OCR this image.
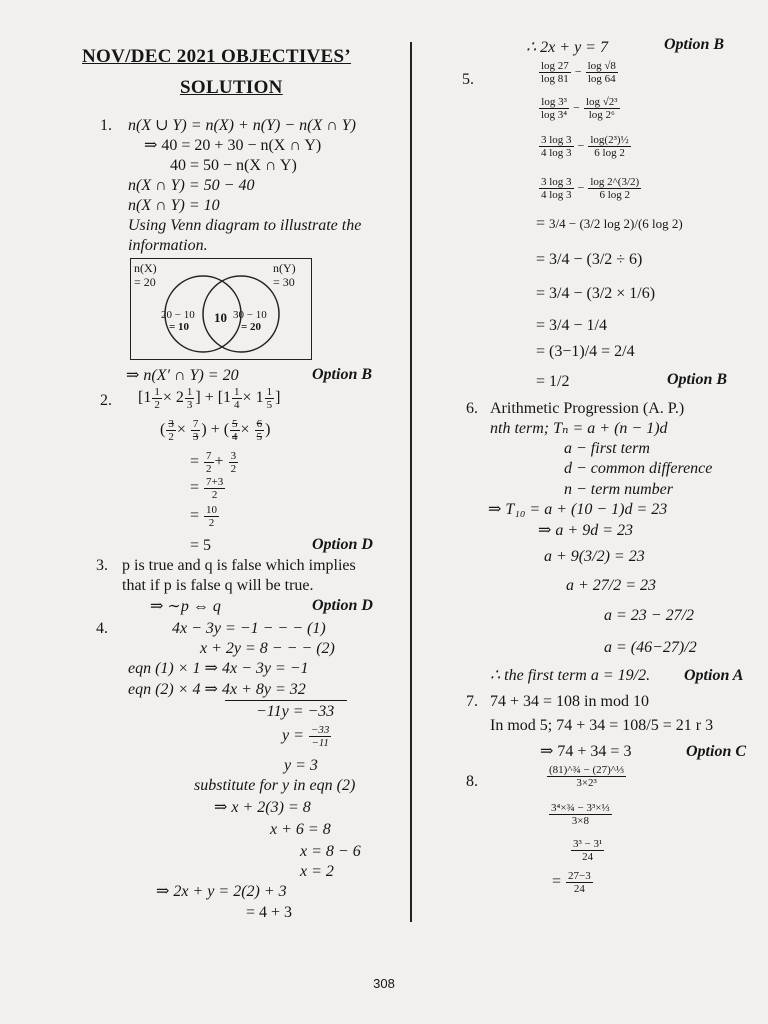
NOV/DEC 2021 OBJECTIVES’
SOLUTION
1. n(X ∪ Y) = n(X) + n(Y) − n(X ∩ Y)
⇒ 40 = 20 + 30 − n(X ∩ Y)
40 = 50 − n(X ∩ Y)
n(X ∩ Y) = 50 − 40
n(X ∩ Y) = 10
Using Venn diagram to illustrate the
information.
n(X)
= 20
n(Y)
= 30
20 − 10
= 10
10 30 − 10
= 20
⇒ n(X′ ∩ Y) = 20	Option B
2. [$1 \frac{1}{2} \times 2 \frac{1}{3}$ ] + [$1 \frac{1}{4} \times 1 \frac{1}{5}$ ]
( $\frac{3}{2} \times \frac{7}{3}$ ) + ( $\frac{5}{4} \times \frac{6}{5}$ )
= $\frac{7}{2} + \frac{3}{2}$
= $\frac{7+3}{2}$
= $\frac{10}{2}$
= 5	Option D
3. p is true and q is false which implies
that if p is false q will be true.
⇒ ∼p ⇔ q	Option D
4.	4x − 3y = −1 − − − (1)
x + 2y = 8 − − − (2)
eqn (1) × 1 ⇒ 4x − 3y = −1
eqn (2) × 4 ⇒ 4x + 8y = 32
−11y = −33
$y = \frac{-33}{-11}$
y = 3
substitute for y in eqn (2)
⇒ x + 2(3) = 8
x + 6 = 8
x = 8 − 6
x = 2
⇒ 2x + y = 2(2) + 3
= 4 + 3
∴ 2x + y = 7	Option B
5.	$\frac{\log 27}{\log 81} - \frac{\log √8}{\log 64}$
$\frac{\text{log 3³}}{\text{log 3⁴}} - \frac{\text{log √2³}}{\text{log 2⁶}}$
$\frac{3 \log 3}{4 \log 3} - \frac{\text{log(2³)½}}{6 \log 2}$
$\frac{3 \log 3}{4 \log 3} - \frac{\log 2\^{}(3/2)}{6 \log 2}$
= 3/4 − (3/2 log 2)/(6 log 2)
= 3/4 − (3/2 ÷ 6)
= 3/4 − (3/2 × 1/6)
= 3/4 − 1/4
= (3−1)/4 = 2/4
= 1/2	Option B
6. Arithmetic Progression (A. P.)
nth term; Tₙ = a + (n − 1)d
a − first term
d − common difference
n − term number
⇒ T₁₀ = a + (10 − 1)d = 23
⇒ a + 9d = 23
a + 9(3/2) = 23
a + 27/2 = 23
a = 23 − 27/2
a = (46−27)/2
∴ the first term a = 19/2. Option A
7. 74 + 34 = 108 in mod 10
In mod 5; 74 + 34 = 108/5 = 21 r 3
⇒ 74 + 34 = 3	Option C
8.	$\frac{\text{(81)\textasciicircum{}¾ − (27)\textasciicircum{}⅓}}{\text{3×2³}}$
$\frac{\text{3⁴×¾ − 3³×⅓}}{3\times 8}$
$\frac{\text{3³ − 3¹}}{24}$
= $\frac{27-3}{24}$
308
